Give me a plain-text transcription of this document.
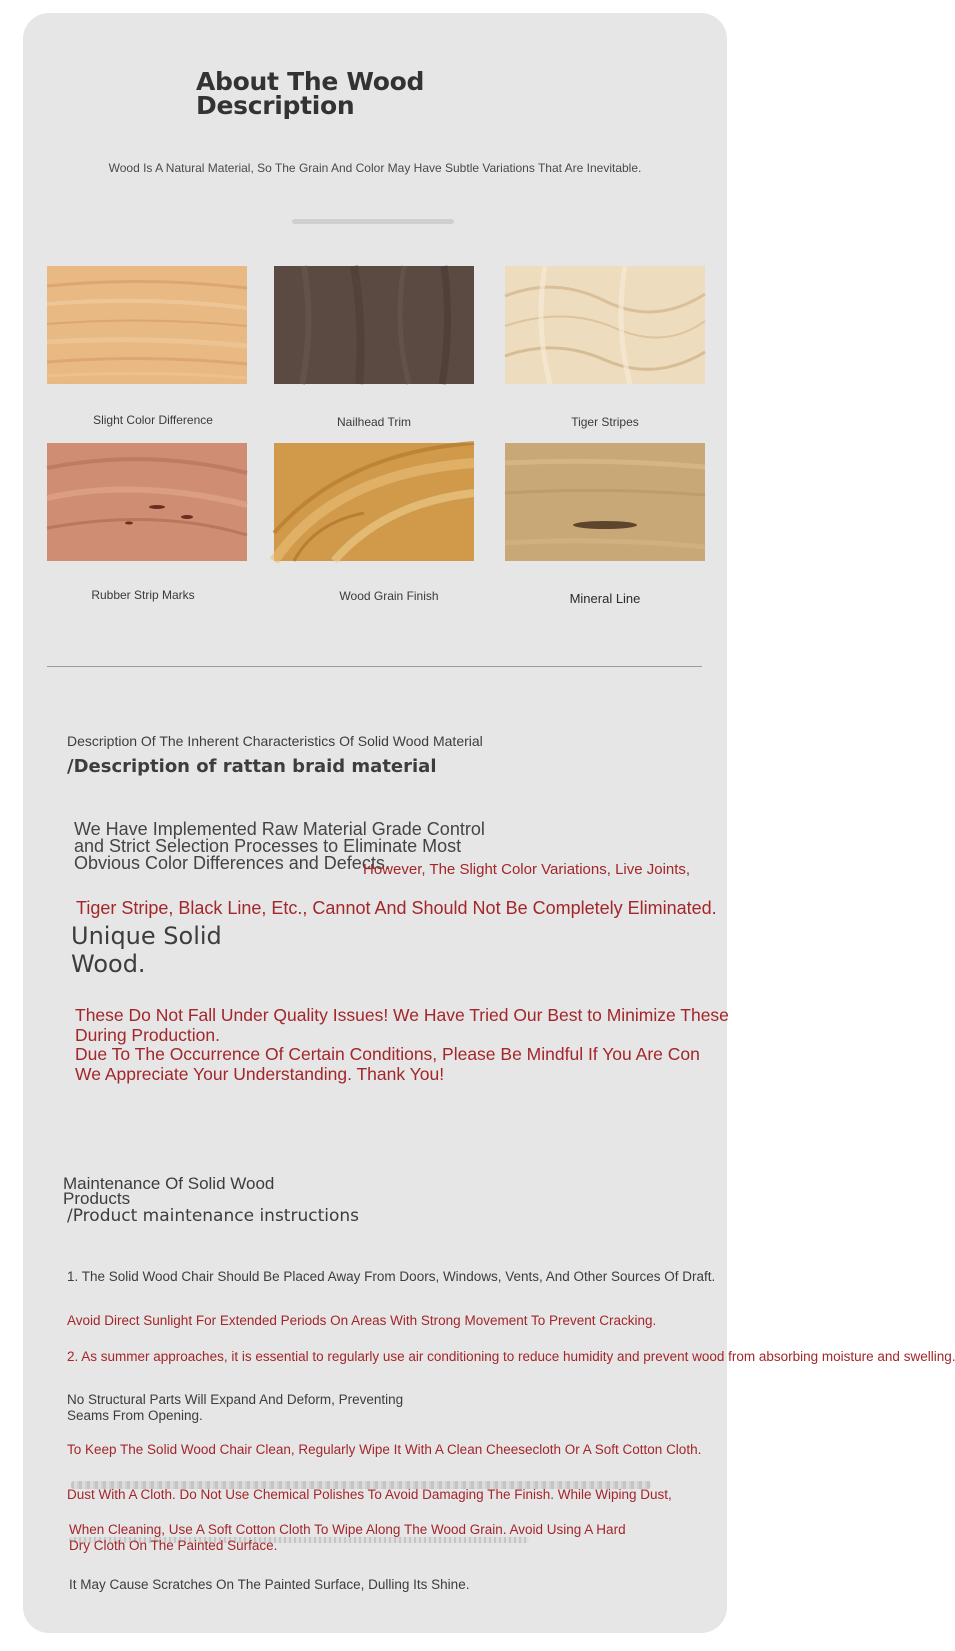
About The Wood Description

Wood Is A Natural Material, So The Grain And Color May Have Subtle Variations That Are Inevitable.

Slight Color Difference	Nailhead Trim	Tiger Stripes
Rubber Strip Marks	Wood Grain Finish	Mineral Line

Description Of The Inherent Characteristics Of Solid Wood Material

/Description of rattan braid material

We Have Implemented Raw Material Grade Control and Strict Selection Processes to Eliminate Most Obvious Color Differences and Defects.

However, The Slight Color Variations, Live Joints,

Tiger Stripe, Black Line, Etc., Cannot And Should Not Be Completely Eliminated.

Unique Solid Wood.

These Do Not Fall Under Quality Issues! We Have Tried Our Best to Minimize These
During Production.
Due To The Occurrence Of Certain Conditions, Please Be Mindful If You Are Con
We Appreciate Your Understanding. Thank You!

Maintenance Of Solid Wood Products

/Product maintenance instructions

1. The Solid Wood Chair Should Be Placed Away From Doors, Windows, Vents, And Other Sources Of Draft.

Avoid Direct Sunlight For Extended Periods On Areas With Strong Movement To Prevent Cracking.

2. As summer approaches, it is essential to regularly use air conditioning to reduce humidity and prevent wood from absorbing moisture and swelling.

No Structural Parts Will Expand And Deform, Preventing Seams From Opening.

To Keep The Solid Wood Chair Clean, Regularly Wipe It With A Clean Cheesecloth Or A Soft Cotton Cloth.

Dust With A Cloth. Do Not Use Chemical Polishes To Avoid Damaging The Finish. While Wiping Dust,

When Cleaning, Use A Soft Cotton Cloth To Wipe Along The Wood Grain. Avoid Using A Hard Dry Cloth On The Painted Surface.

It May Cause Scratches On The Painted Surface, Dulling Its Shine.
